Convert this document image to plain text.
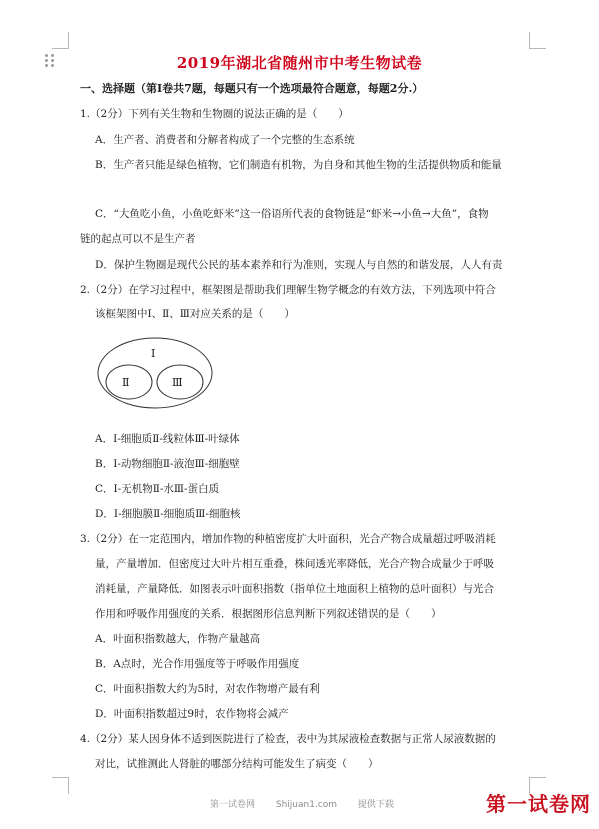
2019年湖北省随州市中考生物试卷
一、选择题（第Ⅰ卷共7题，每题只有一个选项最符合题意，每题2分.）
1.（2分）下列有关生物和生物圈的说法正确的是（　　）
A．生产者、消费者和分解者构成了一个完整的生态系统
B．生产者只能是绿色植物，它们制造有机物，为自身和其他生物的生活提供物质和能量
C．“大鱼吃小鱼，小鱼吃虾米”这一俗语所代表的食物链是“虾米→小鱼→大鱼”，食物
链的起点可以不是生产者
D．保护生物圈是现代公民的基本素养和行为准则，实现人与自然的和谐发展，人人有责
2.（2分）在学习过程中，框架图是帮助我们理解生物学概念的有效方法，下列选项中符合
该框架图中Ⅰ、Ⅱ、Ⅲ对应关系的是（　　）
Ⅰ
Ⅱ	Ⅲ
A．Ⅰ-细胞质Ⅱ-线粒体Ⅲ-叶绿体
B．Ⅰ-动物细胞Ⅱ-液泡Ⅲ-细胞壁
C．Ⅰ-无机物Ⅱ-水Ⅲ-蛋白质
D．Ⅰ-细胞膜Ⅱ-细胞质Ⅲ-细胞核
3.（2分）在一定范围内，增加作物的种植密度扩大叶面积，光合产物合成量超过呼吸消耗
量，产量增加．但密度过大叶片相互重叠，株间透光率降低，光合产物合成量少于呼吸
消耗量，产量降低．如图表示叶面积指数（指单位土地面积上植物的总叶面积）与光合
作用和呼吸作用强度的关系．根据图形信息判断下列叙述错误的是（　　）
A．叶面积指数越大，作物产量越高
B．A点时，光合作用强度等于呼吸作用强度
C．叶面积指数大约为5时，对农作物增产最有利
D．叶面积指数超过9时，农作物将会减产
4.（2分）某人因身体不适到医院进行了检查，表中为其尿液检查数据与正常人尿液数据的
对比，试推测此人肾脏的哪部分结构可能发生了病变（　　）
第一试卷网 Shijuan1.com 提供下载	第一试卷网
